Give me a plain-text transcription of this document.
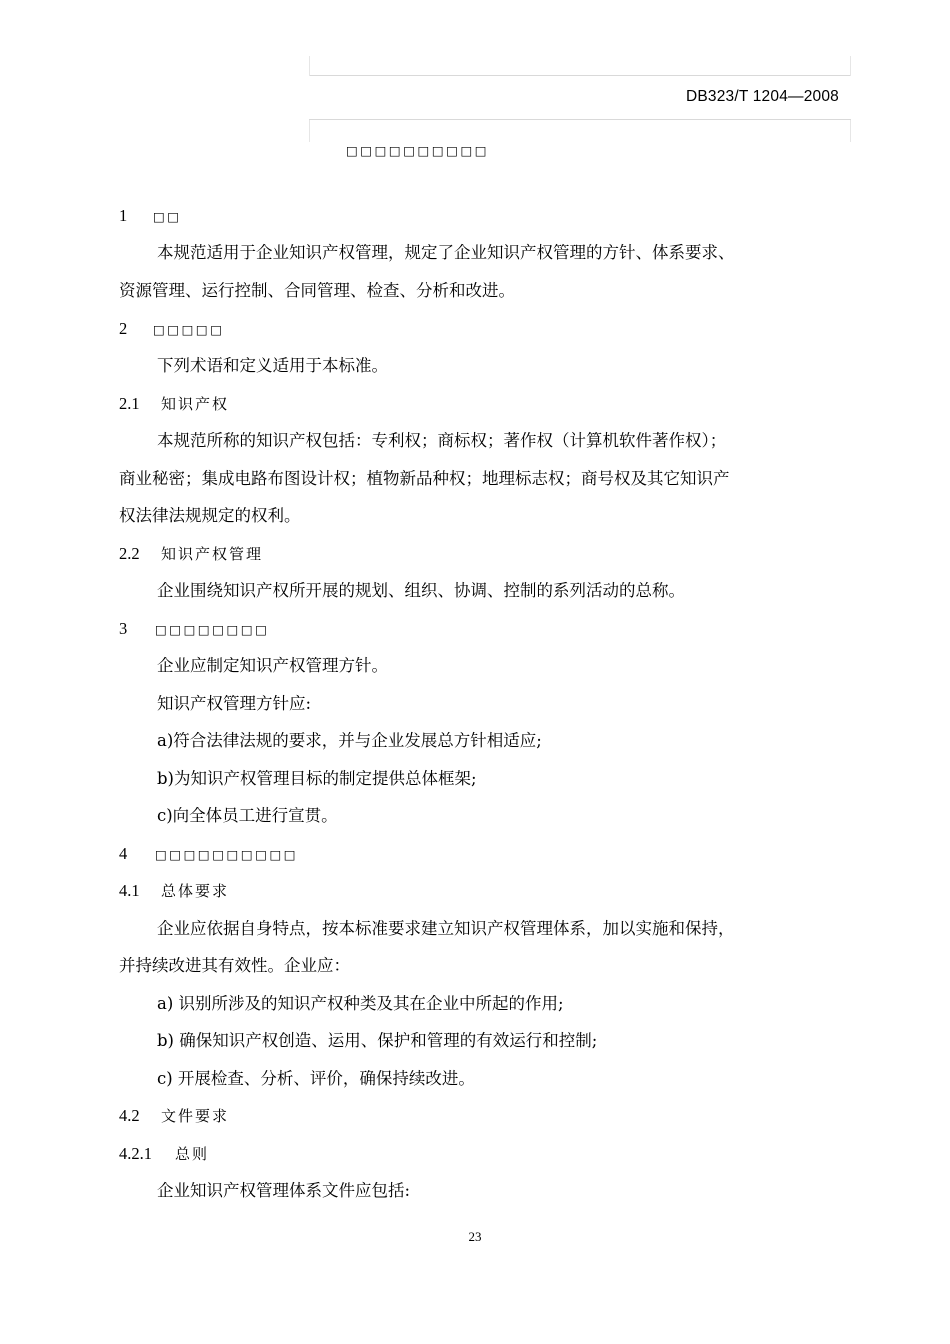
DB323/T 1204—2008
□□□□□□□□□□
1 □□
本规范适用于企业知识产权管理，规定了企业知识产权管理的方针、体系要求、
资源管理、运行控制、合同管理、检查、分析和改进。
2 □□□□□
下列术语和定义适用于本标准。
2.1 知识产权
本规范所称的知识产权包括：专利权；商标权；著作权（计算机软件著作权）；
商业秘密；集成电路布图设计权；植物新品种权；地理标志权；商号权及其它知识产
权法律法规规定的权利。
2.2 知识产权管理
企业围绕知识产权所开展的规划、组织、协调、控制的系列活动的总称。
3 □□□□□□□□
企业应制定知识产权管理方针。
知识产权管理方针应:
a)符合法律法规的要求，并与企业发展总方针相适应;
b)为知识产权管理目标的制定提供总体框架;
c)向全体员工进行宣贯。
4 □□□□□□□□□□
4.1 总体要求
企业应依据自身特点，按本标准要求建立知识产权管理体系，加以实施和保持，
并持续改进其有效性。企业应：
a) 识别所涉及的知识产权种类及其在企业中所起的作用;
b) 确保知识产权创造、运用、保护和管理的有效运行和控制;
c) 开展检查、分析、评价，确保持续改进。
4.2 文件要求
4.2.1 总则
企业知识产权管理体系文件应包括:
23
